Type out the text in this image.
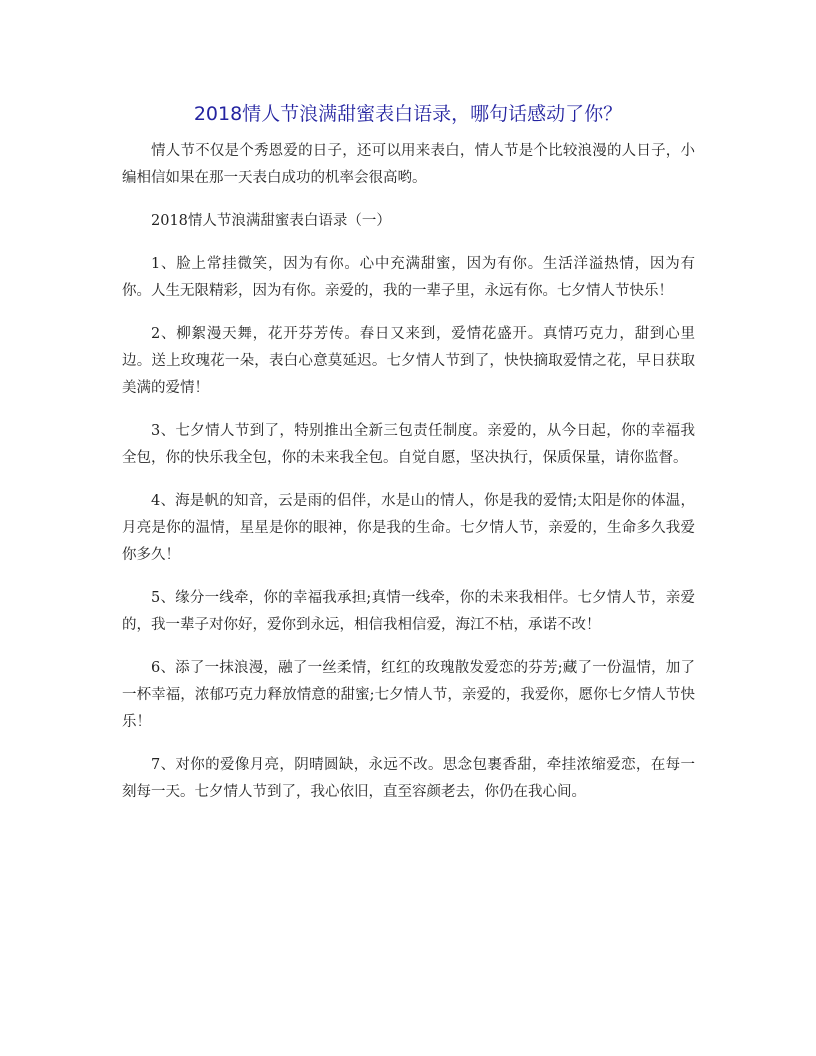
2018情人节浪满甜蜜表白语录，哪句话感动了你？

情人节不仅是个秀恩爱的日子，还可以用来表白，情人节是个比较浪漫的人日子，小编相信如果在那一天表白成功的机率会很高哟。

2018情人节浪满甜蜜表白语录（一）

1、脸上常挂微笑，因为有你。心中充满甜蜜，因为有你。生活洋溢热情，因为有你。人生无限精彩，因为有你。亲爱的，我的一辈子里，永远有你。七夕情人节快乐！

2、柳絮漫天舞，花开芬芳传。春日又来到，爱情花盛开。真情巧克力，甜到心里边。送上玫瑰花一朵，表白心意莫延迟。七夕情人节到了，快快摘取爱情之花，早日获取美满的爱情！

3、七夕情人节到了，特别推出全新三包责任制度。亲爱的，从今日起，你的幸福我全包，你的快乐我全包，你的未来我全包。自觉自愿，坚决执行，保质保量，请你监督。

4、海是帆的知音，云是雨的侣伴，水是山的情人，你是我的爱情;太阳是你的体温，月亮是你的温情，星星是你的眼神，你是我的生命。七夕情人节，亲爱的，生命多久我爱你多久！

5、缘分一线牵，你的幸福我承担;真情一线牵，你的未来我相伴。七夕情人节，亲爱的，我一辈子对你好，爱你到永远，相信我相信爱，海江不枯，承诺不改！

6、添了一抹浪漫，融了一丝柔情，红红的玫瑰散发爱恋的芬芳;藏了一份温情，加了一杯幸福，浓郁巧克力释放情意的甜蜜;七夕情人节，亲爱的，我爱你，愿你七夕情人节快乐！

7、对你的爱像月亮，阴晴圆缺，永远不改。思念包裹香甜，牵挂浓缩爱恋，在每一刻每一天。七夕情人节到了，我心依旧，直至容颜老去，你仍在我心间。
